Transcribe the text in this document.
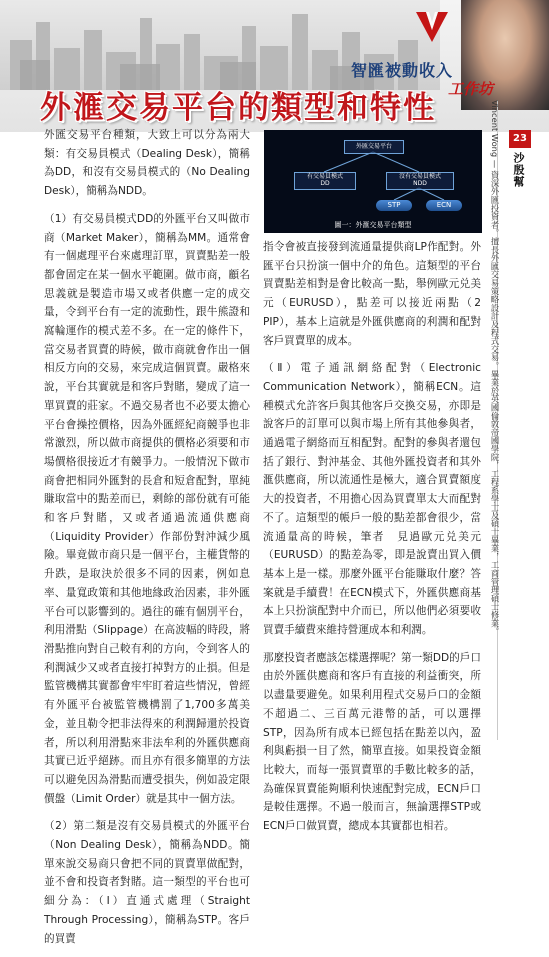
智匯被動收入
工作坊
外滙交易平台的類型和特性

外匯交易平台種類，大致上可以分為兩大類：有交易員模式（Dealing Desk），簡稱為DD，和沒有交易員模式的（No Dealing Desk），簡稱為NDD。

（1）有交易員模式DD的外匯平台又叫做市商（Market Maker），簡稱為MM。通常會有一個處理平台來處理訂單，買賣點差一般都會固定在某一個水平範圍。做市商，顧名思義就是製造市場又或者供應一定的成交量，令到平台有一定的流動性，跟牛熊證和窩輪運作的模式差不多。在一定的條件下，當交易者買賣的時候，做市商就會作出一個相反方向的交易，來完成這個買賣。嚴格來說，平台其實就是和客戶對賭，變成了這一單買賣的莊家。不過交易者也不必要太擔心平台會操控價格，因為外匯經紀商競爭也非常激烈，所以做市商提供的價格必須要和市場價格很接近才有競爭力。一般情況下做市商會把相同外匯對的長倉和短倉配對，單純賺取當中的點差而已，剩餘的部份就有可能和客戶對賭，又或者通過流通供應商（Liquidity Provider）作部份對沖減少風險。畢竟做市商只是一個平台，主權貨幣的升跌，是取決於很多不同的因素，例如息率、量寬政策和其他地緣政治因素，非外匯平台可以影響到的。過往的確有個別平台，利用滑點（Slippage）在高波幅的時段，將滑點推向對自己較有利的方向，令到客人的利潤減少又或者直接打掉對方的止損。但是監管機構其實都會牢牢盯着這些情況，曾經有外匯平台被監管機構罰了1,700多萬美金，並且勒令把非法得來的利潤歸還於投資者，所以利用滑點來非法牟利的外匯供應商其實已近乎絕跡。而且亦有很多簡單的方法可以避免因為滑點而遭受損失，例如設定限價盤（Limit Order）就是其中一個方法。

（2）第二類是沒有交易員模式的外匯平台（Non Dealing Desk），簡稱為NDD。簡單來說交易商只會把不同的買賣單做配對，並不會和投資者對賭。這一類型的平台也可細分為：（Ⅰ）直通式處理（Straight Through Processing），簡稱為STP。客戶的買賣

外匯交易平台
有交易員模式
DD
沒有交易員模式
NDD
STP	ECN
圖一：外滙交易平台類型

指令會被直接發到流通量提供商LP作配對。外匯平台只扮演一個中介的角色。這類型的平台買賣點差相對是會比較高一點，舉例歐元兑美元（EURUSD），點差可以接近兩點（2 PIP），基本上這就是外匯供應商的利潤和配對客戶買賣單的成本。

（Ⅱ）電子通訊網絡配對（Electronic Communication Network），簡稱ECN。這種模式允許客戶與其他客戶交換交易，亦即是說客戶的訂單可以與市場上所有其他參與者，通過電子網絡而互相配對。配對的參與者還包括了銀行、對沖基金、其他外匯投資者和其外滙供應商，所以流通性是極大，適合買賣額度大的投資者，不用擔心因為買賣單太大而配對不了。這類型的帳戶一般的點差都會很少，當流通量高的時候，筆者　見過歐元兑美元（EURUSD）的點差為零，即是說賣出買入價基本上是一樣。那麼外匯平台能賺取什麼？答案就是手續費！在ECN模式下，外匯供應商基本上只扮演配對中介而已，所以他們必須要收買賣手續費來維持營運成本和利潤。

那麼投資者應該怎樣選擇呢？第一類DD的戶口由於外匯供應商和客戶有直接的利益衝突，所以盡量要避免。如果利用程式交易戶口的金額不超過二、三百萬元港幣的話，可以選擇STP，因為所有成本已經包括在點差以內，盈利與虧損一目了然，簡單直接。如果投資金額比較大，而每一張買賣單的手數比較多的話，為確保買賣能夠順利快速配對完成，ECN戶口是較佳選擇。不過一般而言，無論選擇STP或ECN戶口做買賣，總成本其實都也相若。

Vincent Wong — 資深外匯投資者。擅長外匯交易策略設計及程式交易。畢業於英國倫敦帝國學院，工程系學士及碩士畢業，工商管理碩士修業。	23
沙殷幫
